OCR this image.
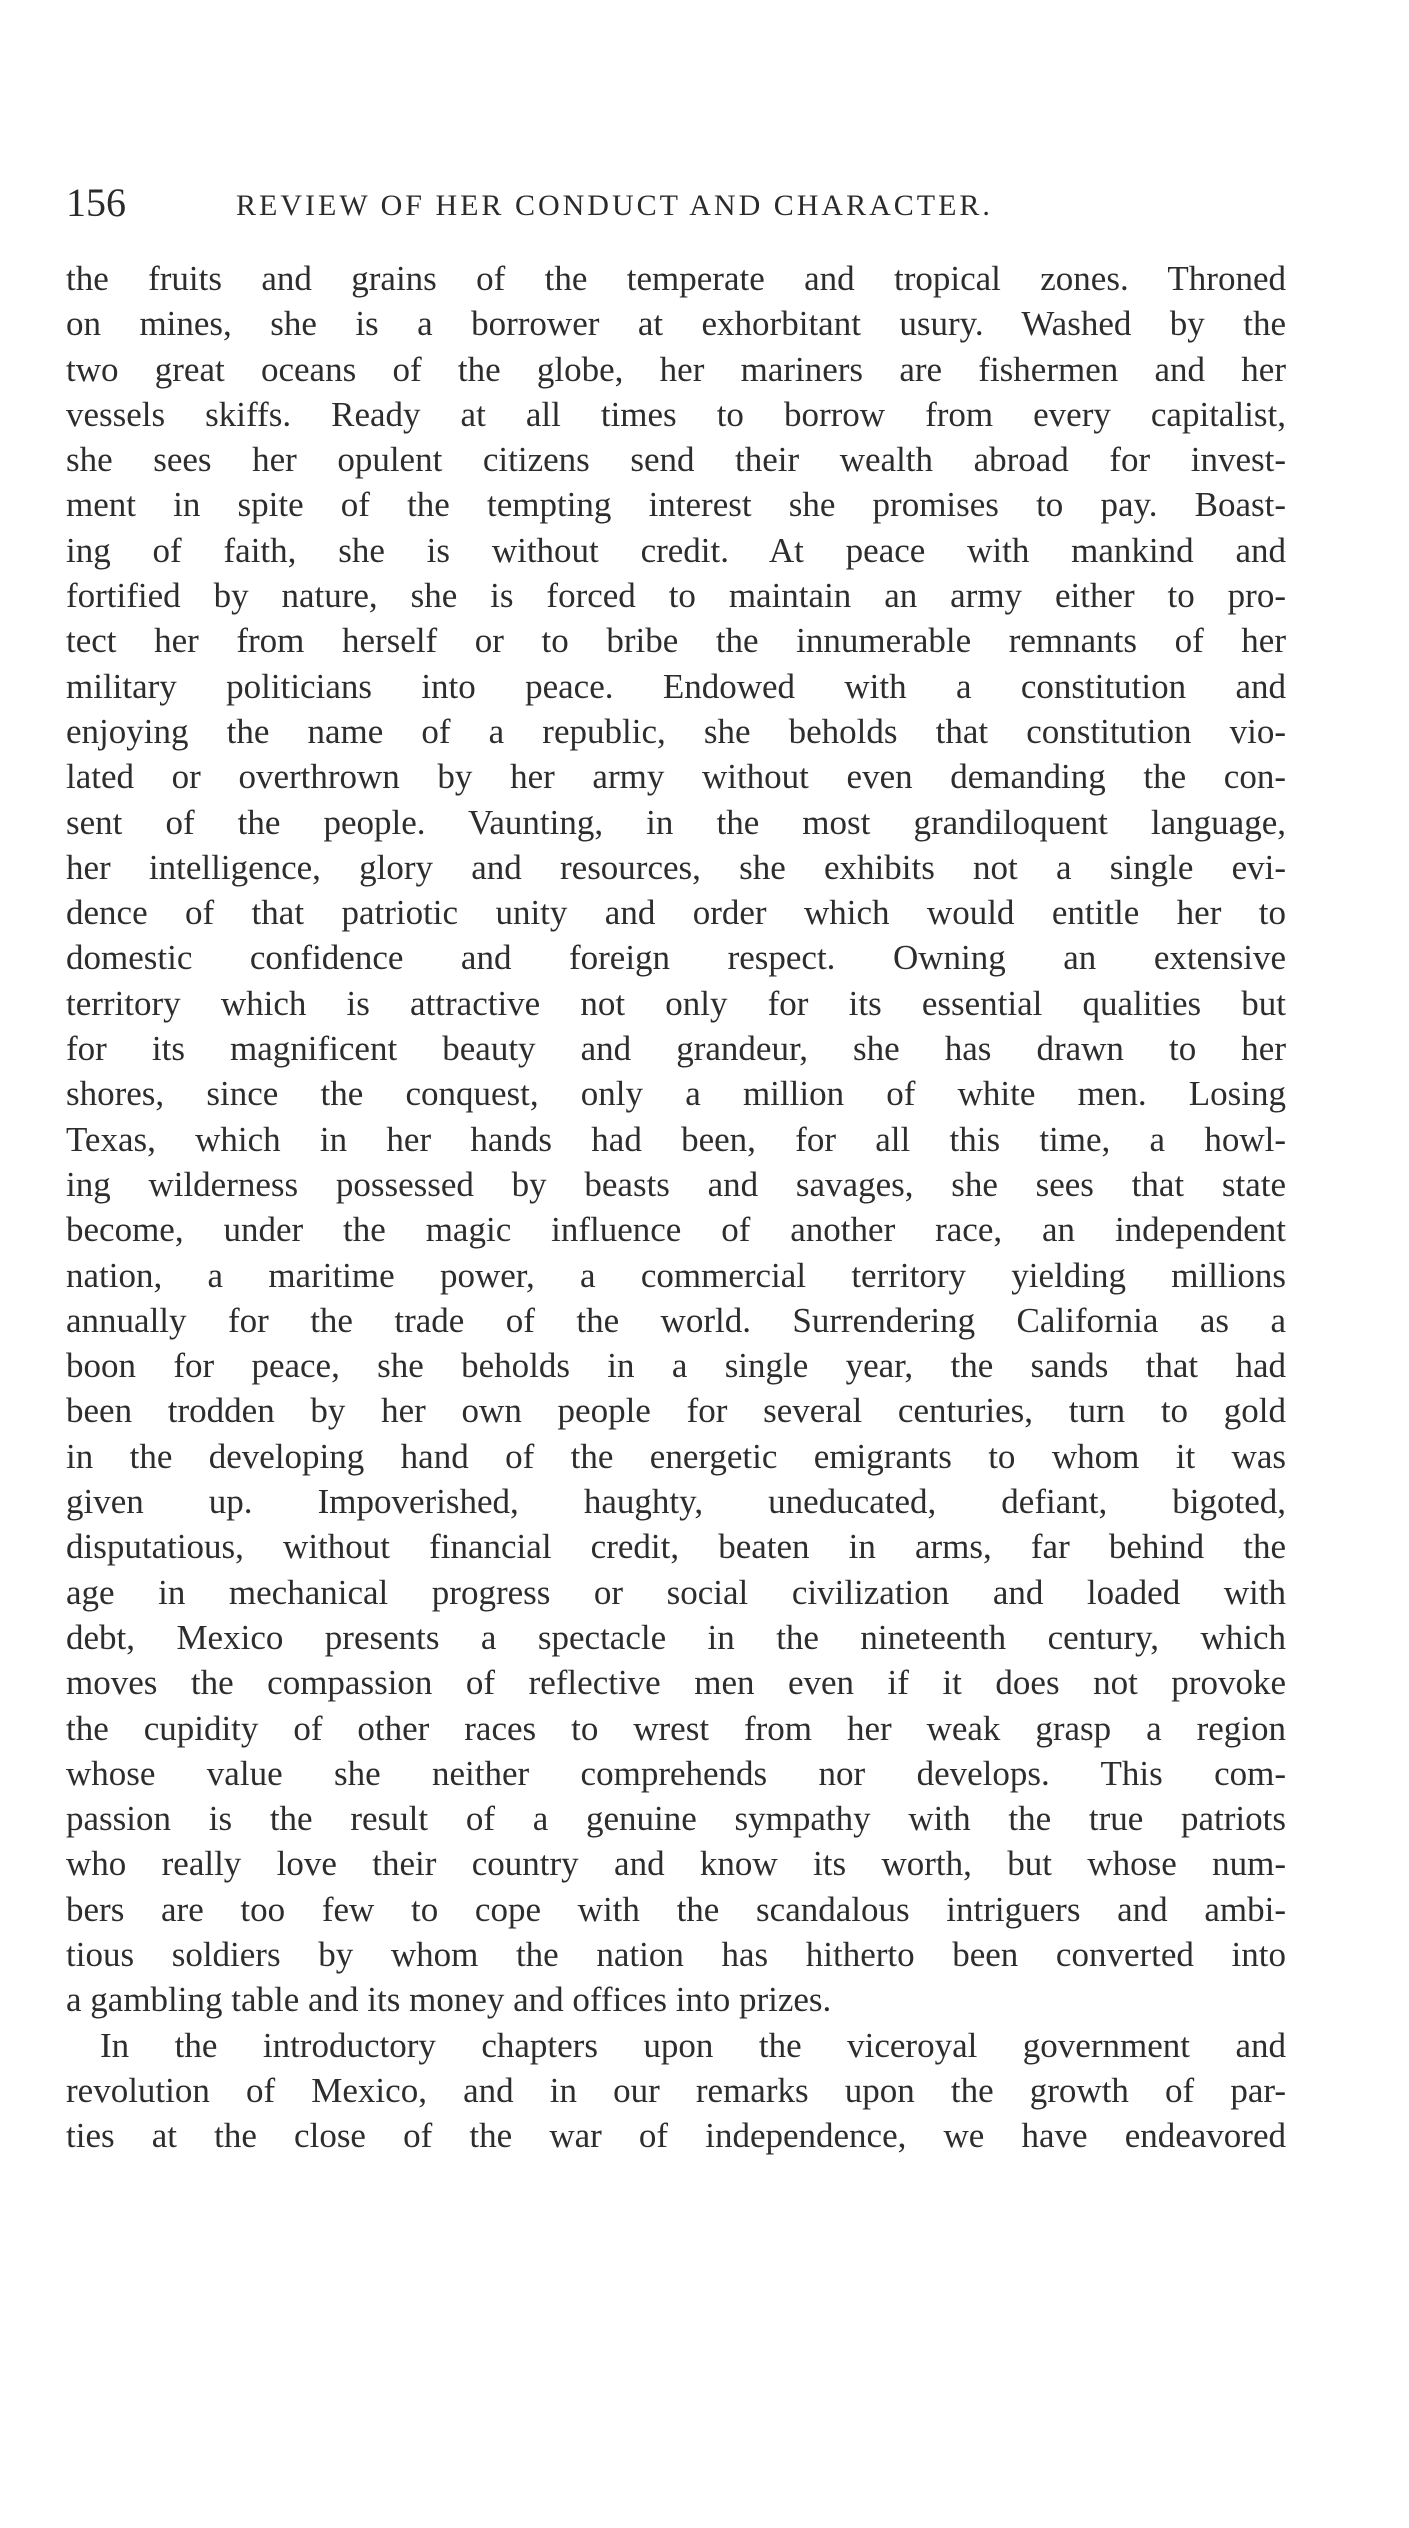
156	REVIEW OF HER CONDUCT AND CHARACTER.
the fruits and grains of the temperate and tropical zones. Throned
on mines, she is a borrower at exhorbitant usury. Washed by the
two great oceans of the globe, her mariners are fishermen and her
vessels skiffs. Ready at all times to borrow from every capitalist,
she sees her opulent citizens send their wealth abroad for invest-
ment in spite of the tempting interest she promises to pay. Boast-
ing of faith, she is without credit. At peace with mankind and
fortified by nature, she is forced to maintain an army either to pro-
tect her from herself or to bribe the innumerable remnants of her
military politicians into peace. Endowed with a constitution and
enjoying the name of a republic, she beholds that constitution vio-
lated or overthrown by her army without even demanding the con-
sent of the people. Vaunting, in the most grandiloquent language,
her intelligence, glory and resources, she exhibits not a single evi-
dence of that patriotic unity and order which would entitle her to
domestic confidence and foreign respect. Owning an extensive
territory which is attractive not only for its essential qualities but
for its magnificent beauty and grandeur, she has drawn to her
shores, since the conquest, only a million of white men. Losing
Texas, which in her hands had been, for all this time, a howl-
ing wilderness possessed by beasts and savages, she sees that state
become, under the magic influence of another race, an independent
nation, a maritime power, a commercial territory yielding millions
annually for the trade of the world. Surrendering California as a
boon for peace, she beholds in a single year, the sands that had
been trodden by her own people for several centuries, turn to gold
in the developing hand of the energetic emigrants to whom it was
given up. Impoverished, haughty, uneducated, defiant, bigoted,
disputatious, without financial credit, beaten in arms, far behind the
age in mechanical progress or social civilization and loaded with
debt, Mexico presents a spectacle in the nineteenth century, which
moves the compassion of reflective men even if it does not provoke
the cupidity of other races to wrest from her weak grasp a region
whose value she neither comprehends nor develops. This com-
passion is the result of a genuine sympathy with the true patriots
who really love their country and know its worth, but whose num-
bers are too few to cope with the scandalous intriguers and ambi-
tious soldiers by whom the nation has hitherto been converted into
a gambling table and its money and offices into prizes.
In the introductory chapters upon the viceroyal government and
revolution of Mexico, and in our remarks upon the growth of par-
ties at the close of the war of independence, we have endeavored
